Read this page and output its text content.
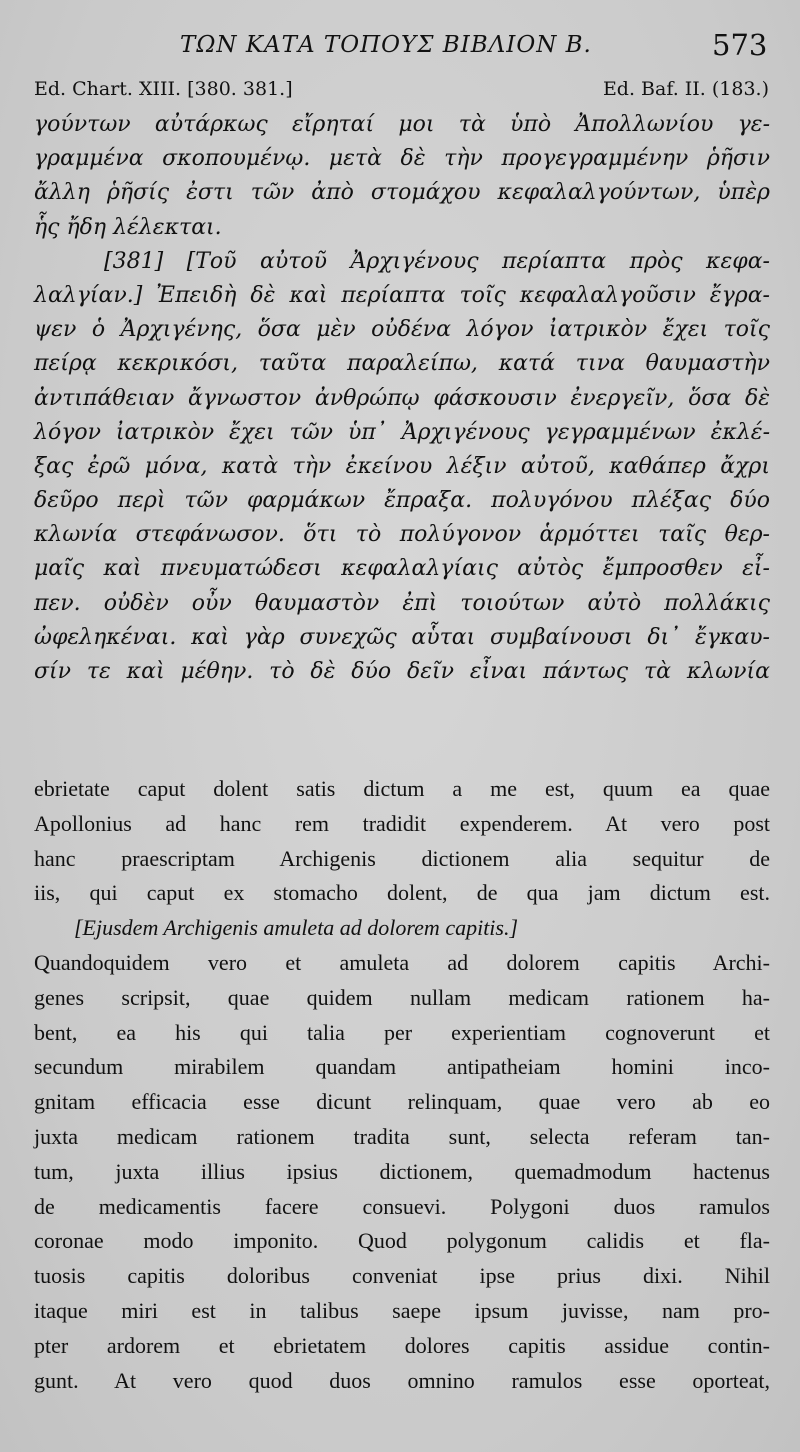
ΤΩΝ ΚΑΤΑ ΤΟΠΟΥΣ ΒΙΒΛΙΟΝ Β.	573
Ed. Chart. XIII. [380. 381.]	Ed. Baf. II. (183.)
γούντων αὐτάρκως εἴρηταί μοι τὰ ὑπὸ Ἀπολλωνίου γε-
γραμμένα σκοπουμένῳ. μετὰ δὲ τὴν προγεγραμμένην ῥῆσιν
ἄλλη ῥῆσίς ἐστι τῶν ἀπὸ στομάχου κεφαλαλγούντων, ὑπὲρ
ἧς ἤδη λέλεκται.
[381] [Τοῦ αὐτοῦ Ἀρχιγένους περίαπτα πρὸς κεφα-
λαλγίαν.] Ἐπειδὴ δὲ καὶ περίαπτα τοῖς κεφαλαλγοῦσιν ἔγρα-
ψεν ὁ Ἀρχιγένης, ὅσα μὲν οὐδένα λόγον ἰατρικὸν ἔχει τοῖς
πείρᾳ κεκρικόσι, ταῦτα παραλείπω, κατά τινα θαυμαστὴν
ἀντιπάθειαν ἄγνωστον ἀνθρώπῳ φάσκουσιν ἐνεργεῖν, ὅσα δὲ
λόγον ἰατρικὸν ἔχει τῶν ὑπ᾽ Ἀρχιγένους γεγραμμένων ἐκλέ-
ξας ἐρῶ μόνα, κατὰ τὴν ἐκείνου λέξιν αὐτοῦ, καθάπερ ἄχρι
δεῦρο περὶ τῶν φαρμάκων ἔπραξα. πολυγόνου πλέξας δύο
κλωνία στεφάνωσον. ὅτι τὸ πολύγονον ἁρμόττει ταῖς θερ-
μαῖς καὶ πνευματώδεσι κεφαλαλγίαις αὐτὸς ἔμπροσθεν εἶ-
πεν. οὐδὲν οὖν θαυμαστὸν ἐπὶ τοιούτων αὐτὸ πολλάκις
ὠφεληκέναι. καὶ γὰρ συνεχῶς αὗται συμβαίνουσι δι᾽ ἔγκαυ-
σίν τε καὶ μέθην. τὸ δὲ δύο δεῖν εἶναι πάντως τὰ κλωνία
ebrietate caput dolent satis dictum a me est, quum ea quae
Apollonius ad hanc rem tradidit expenderem. At vero post
hanc praescriptam Archigenis dictionem alia sequitur de
iis, qui caput ex stomacho dolent, de qua jam dictum est.
[Ejusdem Archigenis amuleta ad dolorem capitis.]
Quandoquidem vero et amuleta ad dolorem capitis Archi-
genes scripsit, quae quidem nullam medicam rationem ha-
bent, ea his qui talia per experientiam cognoverunt et
secundum mirabilem quandam antipatheiam homini inco-
gnitam efficacia esse dicunt relinquam, quae vero ab eo
juxta medicam rationem tradita sunt, selecta referam tan-
tum, juxta illius ipsius dictionem, quemadmodum hactenus
de medicamentis facere consuevi. Polygoni duos ramulos
coronae modo imponito. Quod polygonum calidis et fla-
tuosis capitis doloribus conveniat ipse prius dixi. Nihil
itaque miri est in talibus saepe ipsum juvisse, nam pro-
pter ardorem et ebrietatem dolores capitis assidue contin-
gunt. At vero quod duos omnino ramulos esse oporteat,
